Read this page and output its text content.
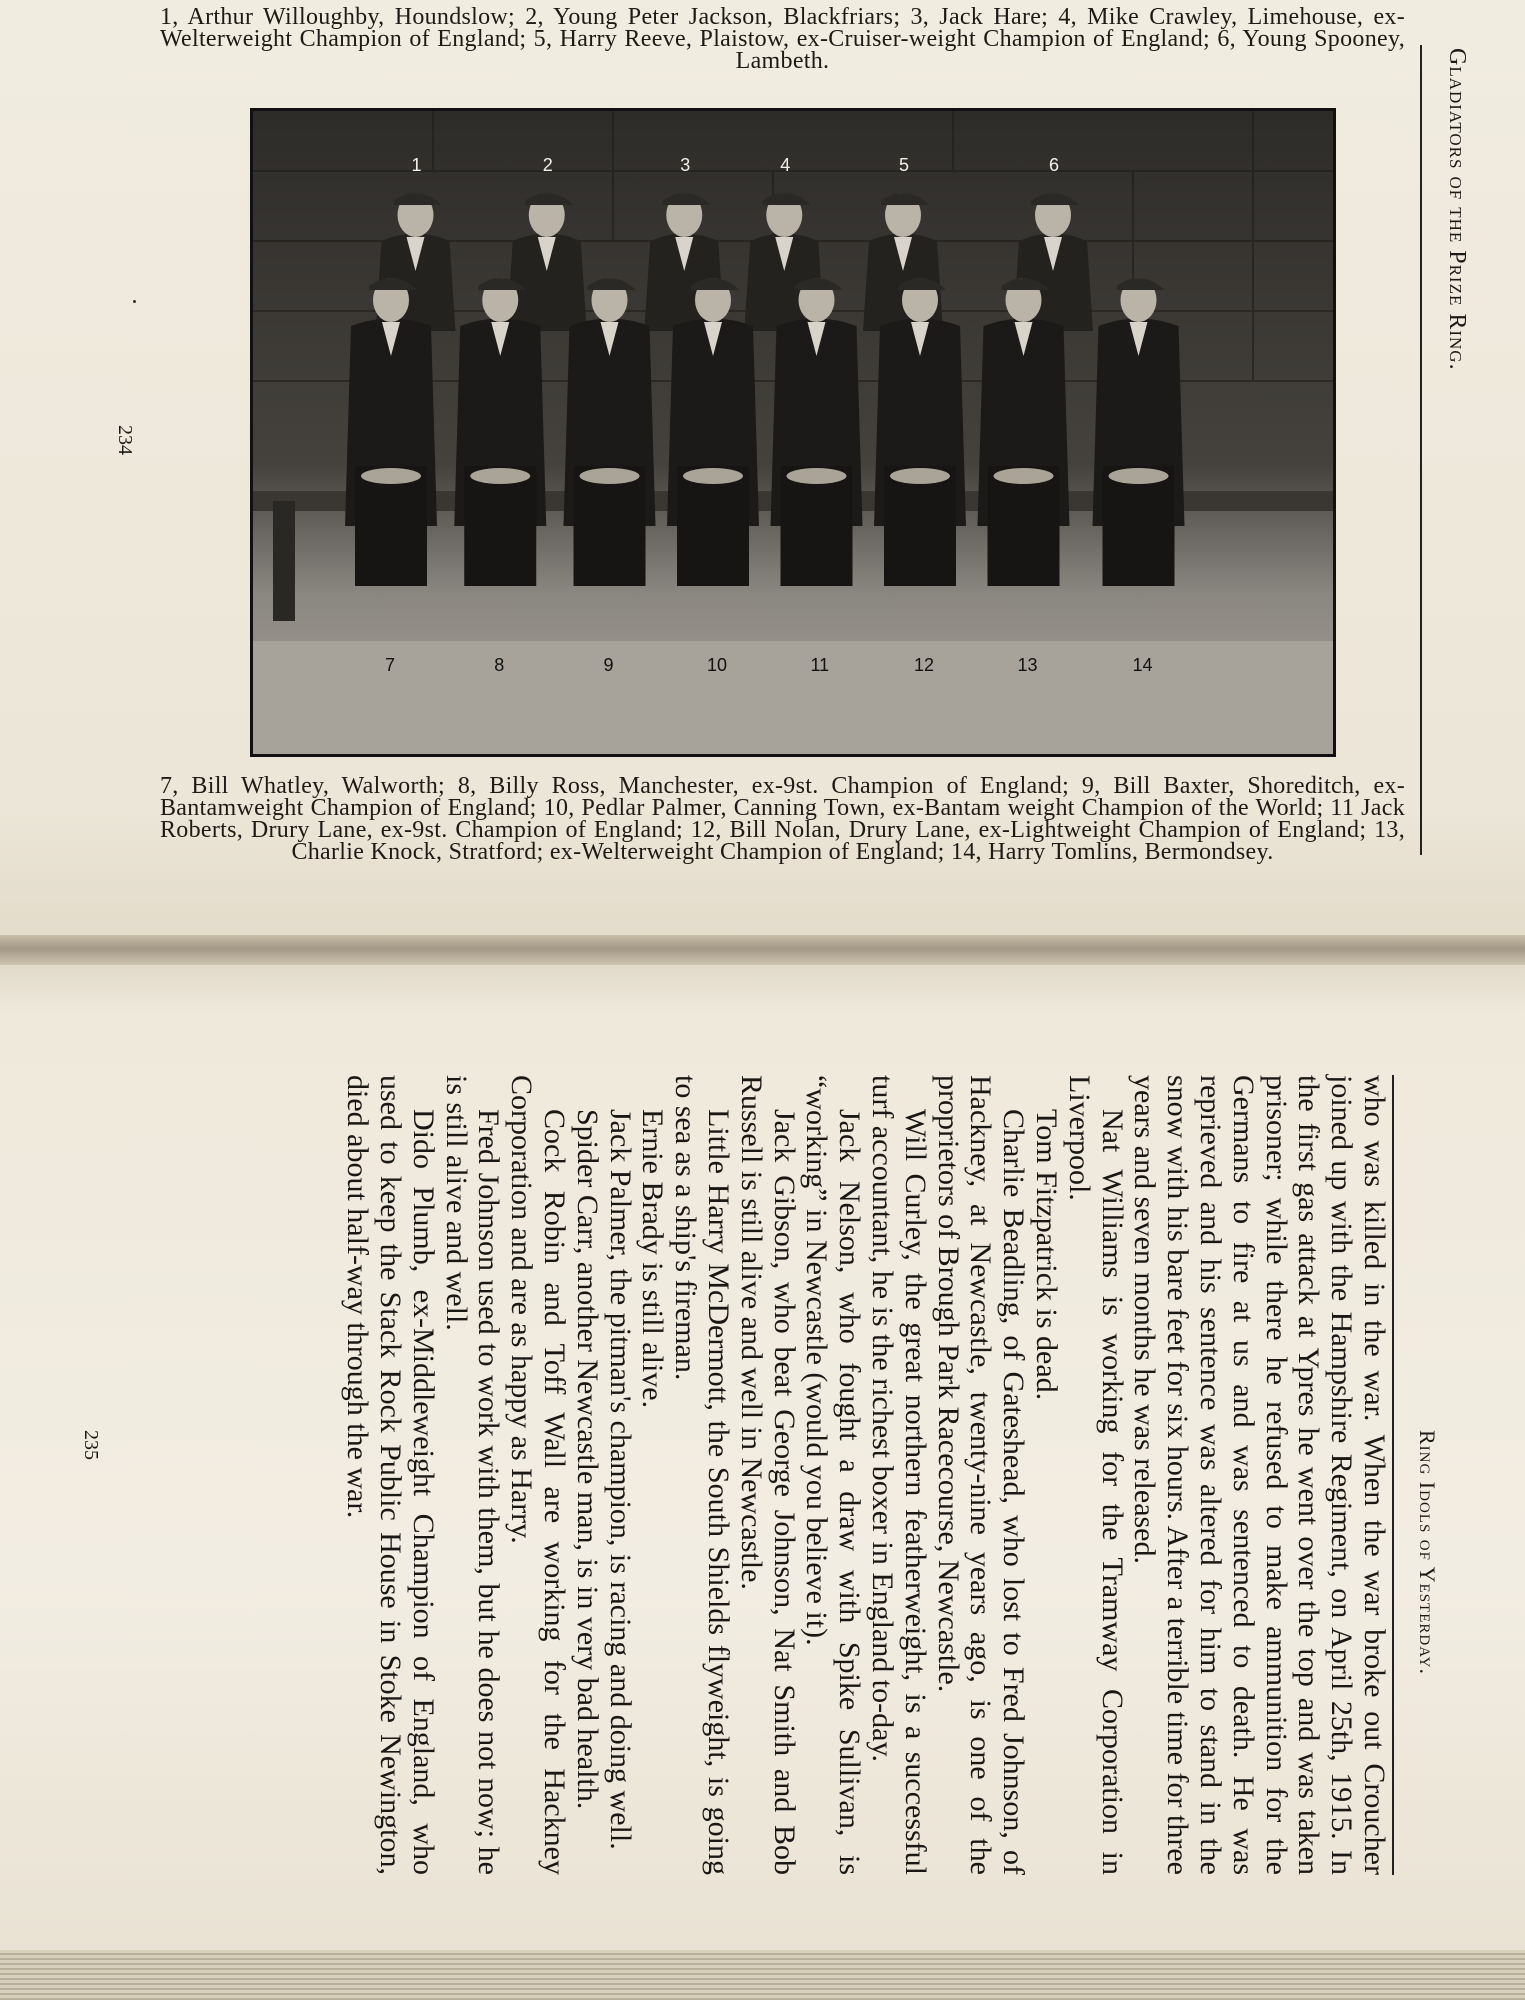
1, Arthur Willoughby, Houndslow; 2, Young Peter Jackson, Blackfriars; 3, Jack Hare; 4, Mike Crawley, Limehouse, ex-Welterweight Champion of England; 5, Harry Reeve, Plaistow, ex-Cruiser-weight Champion of England; 6, Young Spooney, Lambeth.
1	2	3	4	5	6
7	8	9	10	11	12	13	14
7, Bill Whatley, Walworth; 8, Billy Ross, Manchester, ex-9st. Champion of England; 9, Bill Baxter, Shoreditch, ex-Bantamweight Champion of England; 10, Pedlar Palmer, Canning Town, ex-Bantam weight Champion of the World; 11 Jack Roberts, Drury Lane, ex-9st. Champion of England; 12, Bill Nolan, Drury Lane, ex-Lightweight Champion of England; 13, Charlie Knock, Stratford; ex-Welterweight Champion of England; 14, Harry Tomlins, Bermondsey.
Gladiators of the Prize Ring.
234
Ring Idols of Yesterday.

who was killed in the war. When the war broke out Croucher joined up with the Hampshire Regiment, on April 25th, 1915. In the first gas attack at Ypres he went over the top and was taken prisoner; while there he refused to make ammunition for the Germans to fire at us and was sentenced to death. He was reprieved and his sentence was altered for him to stand in the snow with his bare feet for six hours. After a terrible time for three years and seven months he was released.

Nat Williams is working for the Tramway Corporation in Liverpool.

Tom Fitzpatrick is dead.

Charlie Beadling, of Gateshead, who lost to Fred Johnson, of Hackney, at Newcastle, twenty-nine years ago, is one of the proprietors of Brough Park Racecourse, Newcastle.

Will Curley, the great northern featherweight, is a successful turf accountant, he is the richest boxer in England to-day.

Jack Nelson, who fought a draw with Spike Sullivan, is “working” in Newcastle (would you believe it).

Jack Gibson, who beat George Johnson, Nat Smith and Bob Russell is still alive and well in Newcastle.

Little Harry McDermott, the South Shields flyweight, is going to sea as a ship's fireman.

Ernie Brady is still alive.

Jack Palmer, the pitman's champion, is racing and doing well.

Spider Carr, another Newcastle man, is in very bad health.

Cock Robin and Toff Wall are working for the Hackney Corporation and are as happy as Harry.

Fred Johnson used to work with them, but he does not now; he is still alive and well.

Dido Plumb, ex-Middleweight Champion of England, who used to keep the Stack Rock Public House in Stoke Newington, died about half-way through the war.

235
